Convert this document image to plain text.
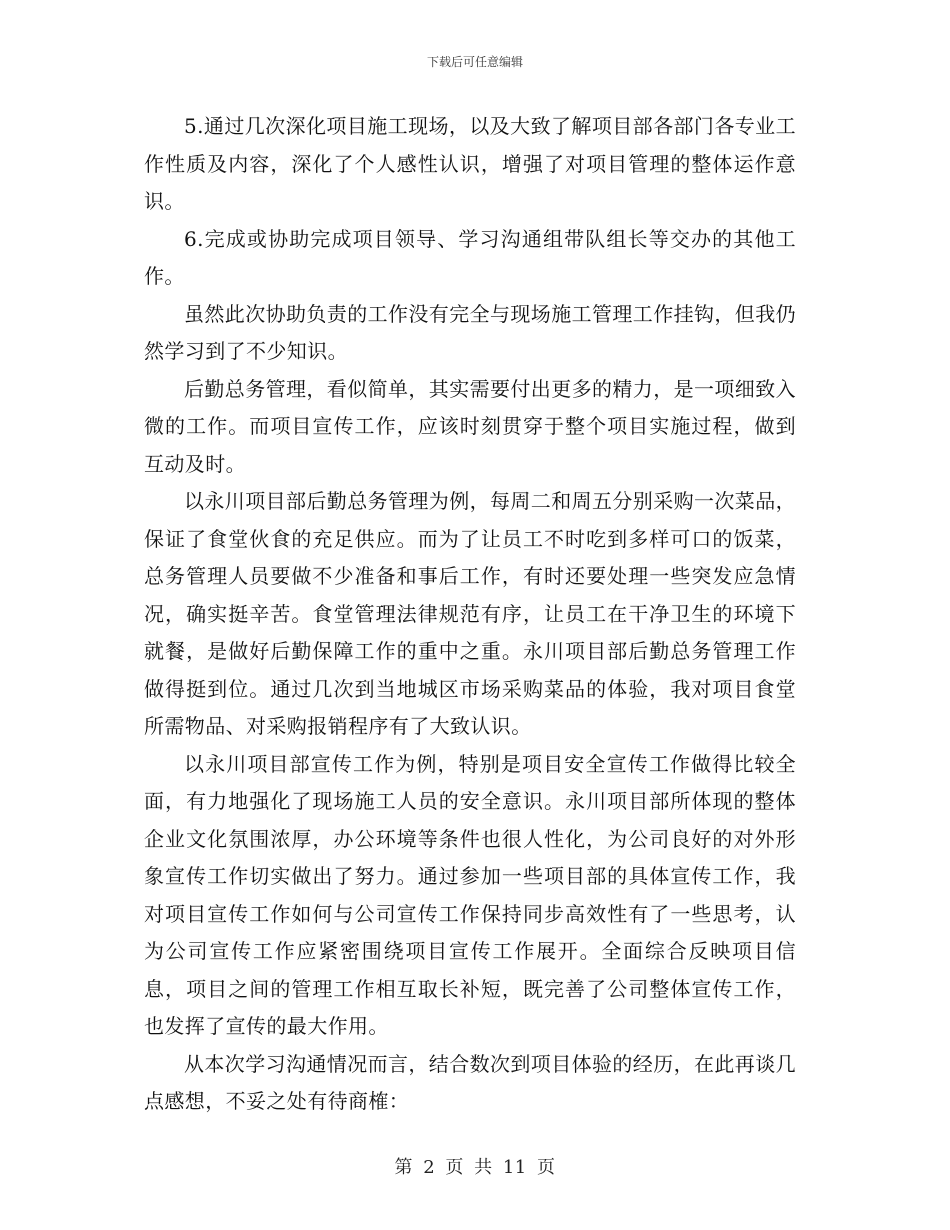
下载后可任意编辑

5.通过几次深化项目施工现场，以及大致了解项目部各部门各专业工作性质及内容，深化了个人感性认识，增强了对项目管理的整体运作意识。

6.完成或协助完成项目领导、学习沟通组带队组长等交办的其他工作。

虽然此次协助负责的工作没有完全与现场施工管理工作挂钩，但我仍然学习到了不少知识。

后勤总务管理，看似简单，其实需要付出更多的精力，是一项细致入微的工作。而项目宣传工作，应该时刻贯穿于整个项目实施过程，做到互动及时。

以永川项目部后勤总务管理为例，每周二和周五分别采购一次菜品，保证了食堂伙食的充足供应。而为了让员工不时吃到多样可口的饭菜，总务管理人员要做不少准备和事后工作，有时还要处理一些突发应急情况，确实挺辛苦。食堂管理法律规范有序，让员工在干净卫生的环境下就餐，是做好后勤保障工作的重中之重。永川项目部后勤总务管理工作做得挺到位。通过几次到当地城区市场采购菜品的体验，我对项目食堂所需物品、对采购报销程序有了大致认识。

以永川项目部宣传工作为例，特别是项目安全宣传工作做得比较全面，有力地强化了现场施工人员的安全意识。永川项目部所体现的整体企业文化氛围浓厚，办公环境等条件也很人性化，为公司良好的对外形象宣传工作切实做出了努力。通过参加一些项目部的具体宣传工作，我对项目宣传工作如何与公司宣传工作保持同步高效性有了一些思考，认为公司宣传工作应紧密围绕项目宣传工作展开。全面综合反映项目信息，项目之间的管理工作相互取长补短，既完善了公司整体宣传工作，也发挥了宣传的最大作用。

从本次学习沟通情况而言，结合数次到项目体验的经历，在此再谈几点感想，不妥之处有待商榷：

第 2 页 共 11 页
